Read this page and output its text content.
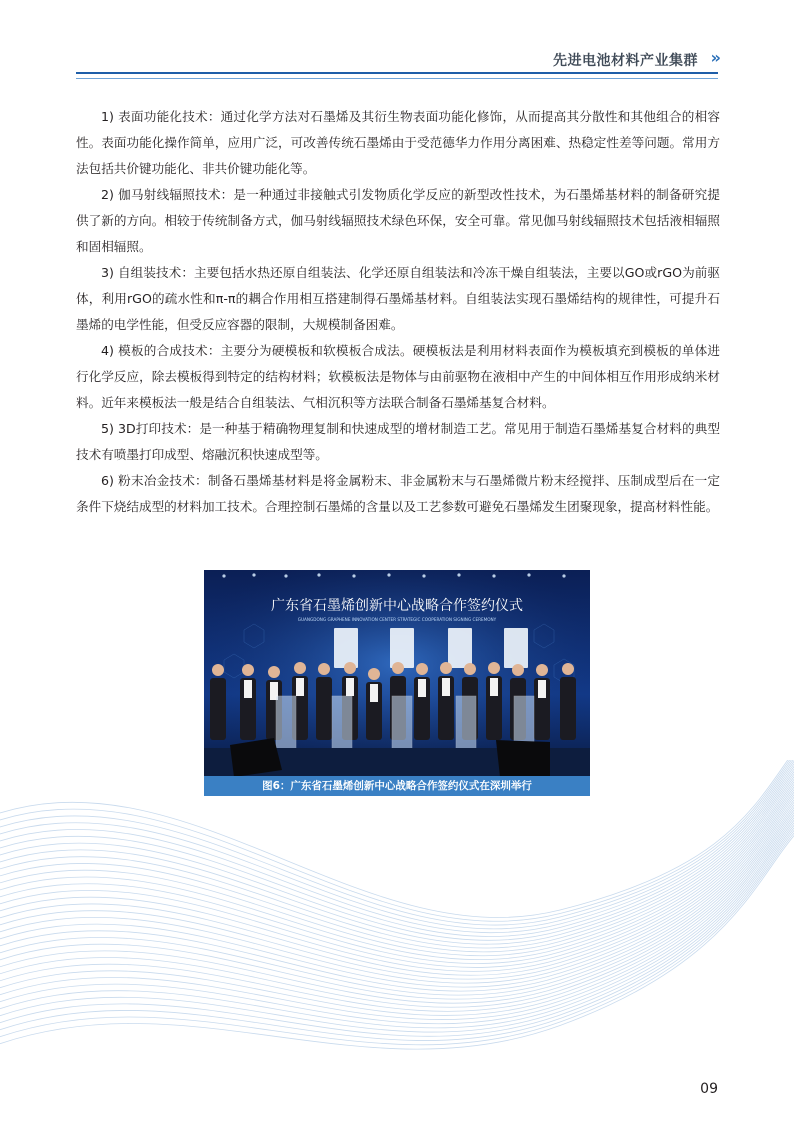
先进电池材料产业集群 »

1) 表面功能化技术：通过化学方法对石墨烯及其衍生物表面功能化修饰，从而提高其分散性和其他组合的相容性。表面功能化操作简单，应用广泛，可改善传统石墨烯由于受范德华力作用分离困难、热稳定性差等问题。常用方法包括共价键功能化、非共价键功能化等。

2) 伽马射线辐照技术：是一种通过非接触式引发物质化学反应的新型改性技术，为石墨烯基材料的制备研究提供了新的方向。相较于传统制备方式，伽马射线辐照技术绿色环保，安全可靠。常见伽马射线辐照技术包括液相辐照和固相辐照。

3) 自组装技术：主要包括水热还原自组装法、化学还原自组装法和冷冻干燥自组装法，主要以GO或rGO为前驱体，利用rGO的疏水性和π-π的耦合作用相互搭建制得石墨烯基材料。自组装法实现石墨烯结构的规律性，可提升石墨烯的电学性能，但受反应容器的限制，大规模制备困难。

4) 模板的合成技术：主要分为硬模板和软模板合成法。硬模板法是利用材料表面作为模板填充到模板的单体进行化学反应，除去模板得到特定的结构材料；软模板法是物体与由前驱物在液相中产生的中间体相互作用形成纳米材料。近年来模板法一般是结合自组装法、气相沉积等方法联合制备石墨烯基复合材料。

5) 3D打印技术：是一种基于精确物理复制和快速成型的增材制造工艺。常见用于制造石墨烯基复合材料的典型技术有喷墨打印成型、熔融沉积快速成型等。

6) 粉末冶金技术：制备石墨烯基材料是将金属粉末、非金属粉末与石墨烯微片粉末经搅拌、压制成型后在一定条件下烧结成型的材料加工技术。合理控制石墨烯的含量以及工艺参数可避免石墨烯发生团聚现象，提高材料性能。

广东省石墨烯创新中心战略合作签约仪式
GUANGDONG GRAPHENE INNOVATION CENTER STRATEGIC COOPERATION SIGNING CEREMONY
图6：广东省石墨烯创新中心战略合作签约仪式在深圳举行
09
